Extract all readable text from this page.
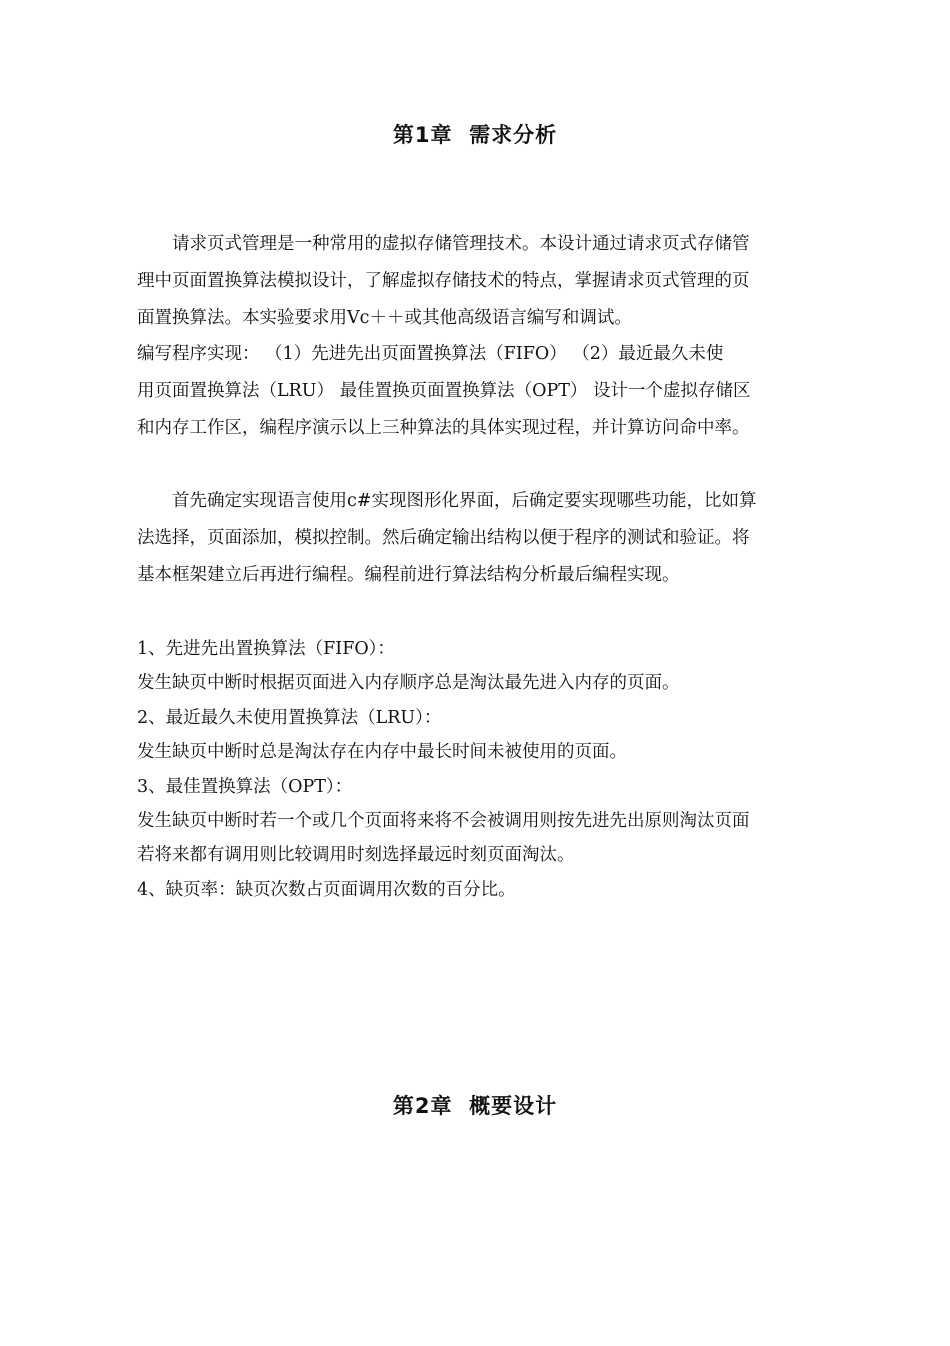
第1章  需求分析
请求页式管理是一种常用的虚拟存储管理技术。本设计通过请求页式存储管
理中页面置换算法模拟设计，了解虚拟存储技术的特点，掌握请求页式管理的页
面置换算法。本实验要求用Vc＋＋或其他高级语言编写和调试。
编写程序实现： （1）先进先出页面置换算法（FIFO） （2）最近最久未使
用页面置换算法（LRU） 最佳置换页面置换算法（OPT） 设计一个虚拟存储区
和内存工作区，编程序演示以上三种算法的具体实现过程，并计算访问命中率。
首先确定实现语言使用c#实现图形化界面，后确定要实现哪些功能，比如算
法选择，页面添加，模拟控制。然后确定输出结构以便于程序的测试和验证。将
基本框架建立后再进行编程。编程前进行算法结构分析最后编程实现。
1、先进先出置换算法（FIFO）：
发生缺页中断时根据页面进入内存顺序总是淘汰最先进入内存的页面。
2、最近最久未使用置换算法（LRU）：
发生缺页中断时总是淘汰存在内存中最长时间未被使用的页面。
3、最佳置换算法（OPT）：
发生缺页中断时若一个或几个页面将来将不会被调用则按先进先出原则淘汰页面
若将来都有调用则比较调用时刻选择最远时刻页面淘汰。
4、缺页率：缺页次数占页面调用次数的百分比。
第2章  概要设计
